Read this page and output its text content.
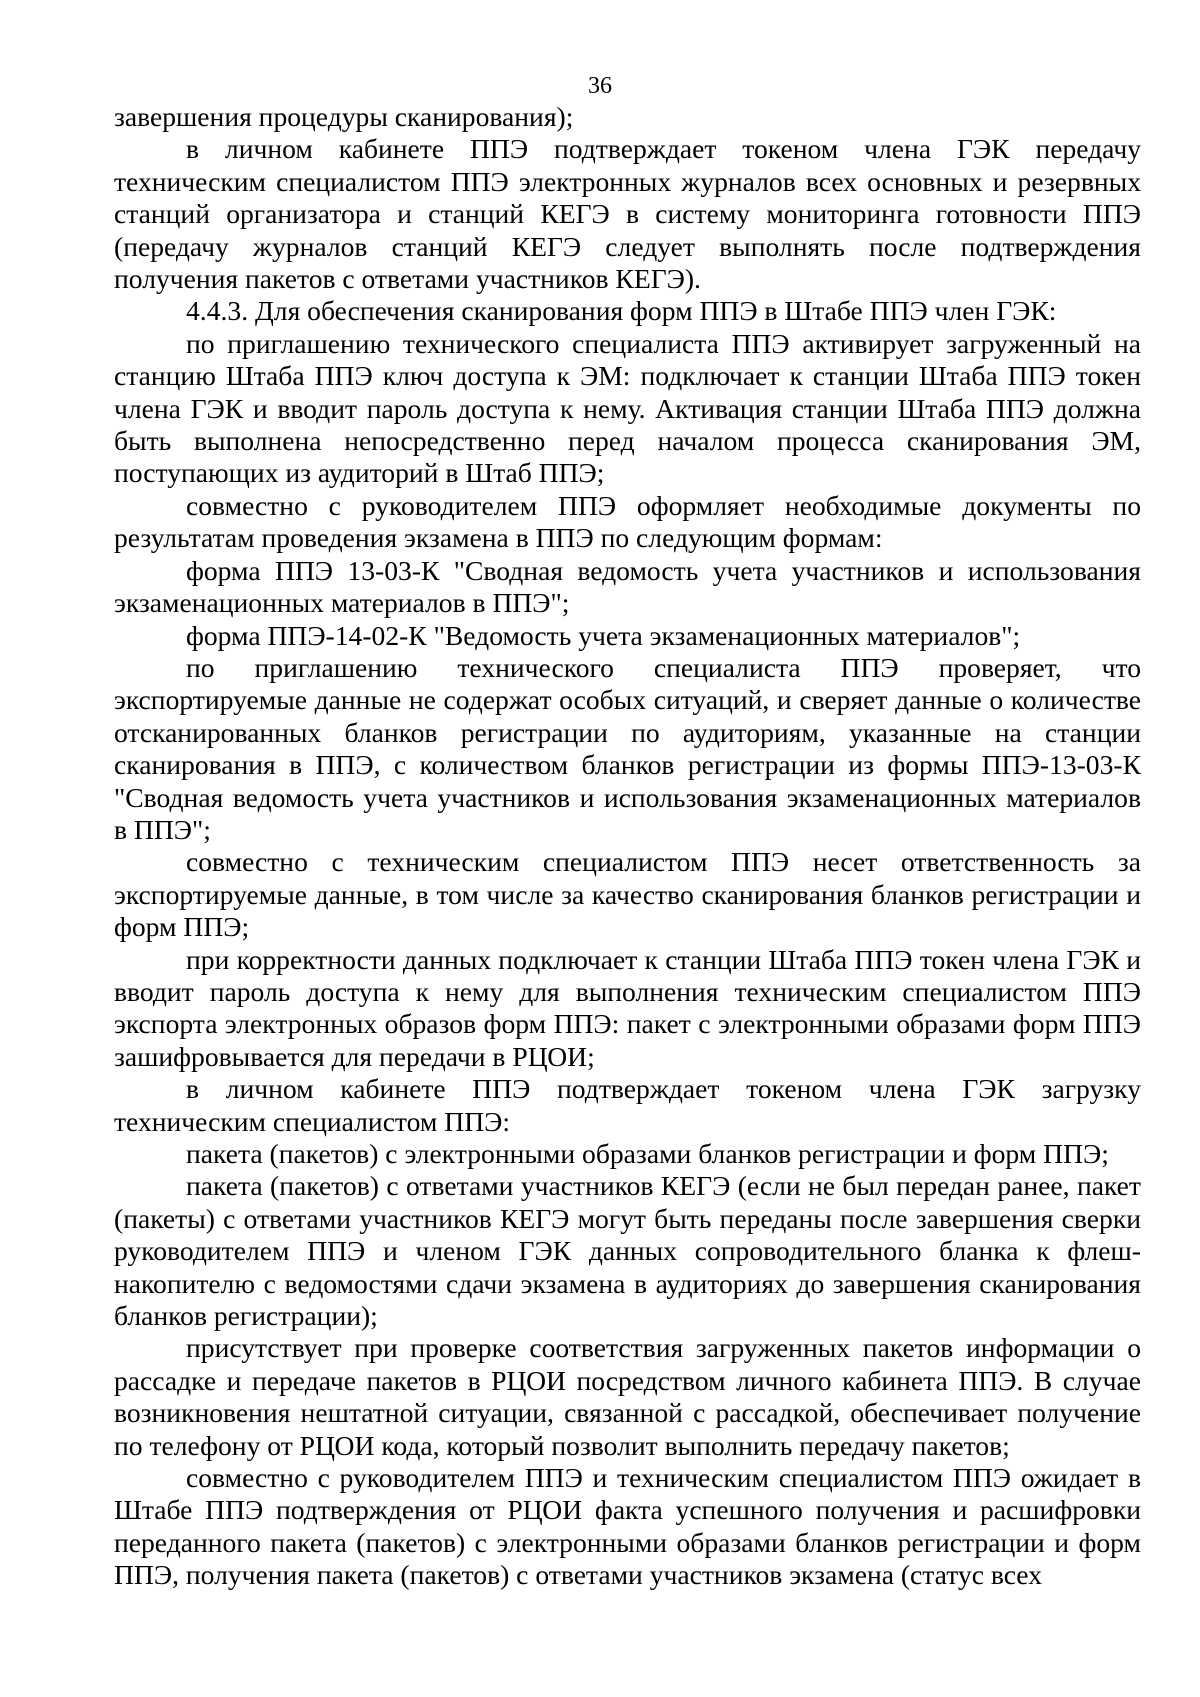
36

завершения процедуры сканирования);

в личном кабинете ППЭ подтверждает токеном члена ГЭК передачу техническим специалистом ППЭ электронных журналов всех основных и резервных станций организатора и станций КЕГЭ в систему мониторинга готовности ППЭ (передачу журналов станций КЕГЭ следует выполнять после подтверждения получения пакетов с ответами участников КЕГЭ).

4.4.3. Для обеспечения сканирования форм ППЭ в Штабе ППЭ член ГЭК:

по приглашению технического специалиста ППЭ активирует загруженный на станцию Штаба ППЭ ключ доступа к ЭМ: подключает к станции Штаба ППЭ токен члена ГЭК и вводит пароль доступа к нему. Активация станции Штаба ППЭ должна быть выполнена непосредственно перед началом процесса сканирования ЭМ, поступающих из аудиторий в Штаб ППЭ;

совместно с руководителем ППЭ оформляет необходимые документы по результатам проведения экзамена в ППЭ по следующим формам:

форма ППЭ 13-03-К "Сводная ведомость учета участников и использования экзаменационных материалов в ППЭ";

форма ППЭ-14-02-К "Ведомость учета экзаменационных материалов";

по приглашению технического специалиста ППЭ проверяет, что экспортируемые данные не содержат особых ситуаций, и сверяет данные о количестве отсканированных бланков регистрации по аудиториям, указанные на станции сканирования в ППЭ, с количеством бланков регистрации из формы ППЭ-13-03-К "Сводная ведомость учета участников и использования экзаменационных материалов в ППЭ";

совместно с техническим специалистом ППЭ несет ответственность за экспортируемые данные, в том числе за качество сканирования бланков регистрации и форм ППЭ;

при корректности данных подключает к станции Штаба ППЭ токен члена ГЭК и вводит пароль доступа к нему для выполнения техническим специалистом ППЭ экспорта электронных образов форм ППЭ: пакет с электронными образами форм ППЭ зашифровывается для передачи в РЦОИ;

в личном кабинете ППЭ подтверждает токеном члена ГЭК загрузку техническим специалистом ППЭ:

пакета (пакетов) с электронными образами бланков регистрации и форм ППЭ;

пакета (пакетов) с ответами участников КЕГЭ (если не был передан ранее, пакет (пакеты) с ответами участников КЕГЭ могут быть переданы после завершения сверки руководителем ППЭ и членом ГЭК данных сопроводительного бланка к флеш-накопителю с ведомостями сдачи экзамена в аудиториях до завершения сканирования бланков регистрации);

присутствует при проверке соответствия загруженных пакетов информации о рассадке и передаче пакетов в РЦОИ посредством личного кабинета ППЭ. В случае возникновения нештатной ситуации, связанной с рассадкой, обеспечивает получение по телефону от РЦОИ кода, который позволит выполнить передачу пакетов;

совместно с руководителем ППЭ и техническим специалистом ППЭ ожидает в Штабе ППЭ подтверждения от РЦОИ факта успешного получения и расшифровки переданного пакета (пакетов) с электронными образами бланков регистрации и форм ППЭ, получения пакета (пакетов) с ответами участников экзамена (статус всех
